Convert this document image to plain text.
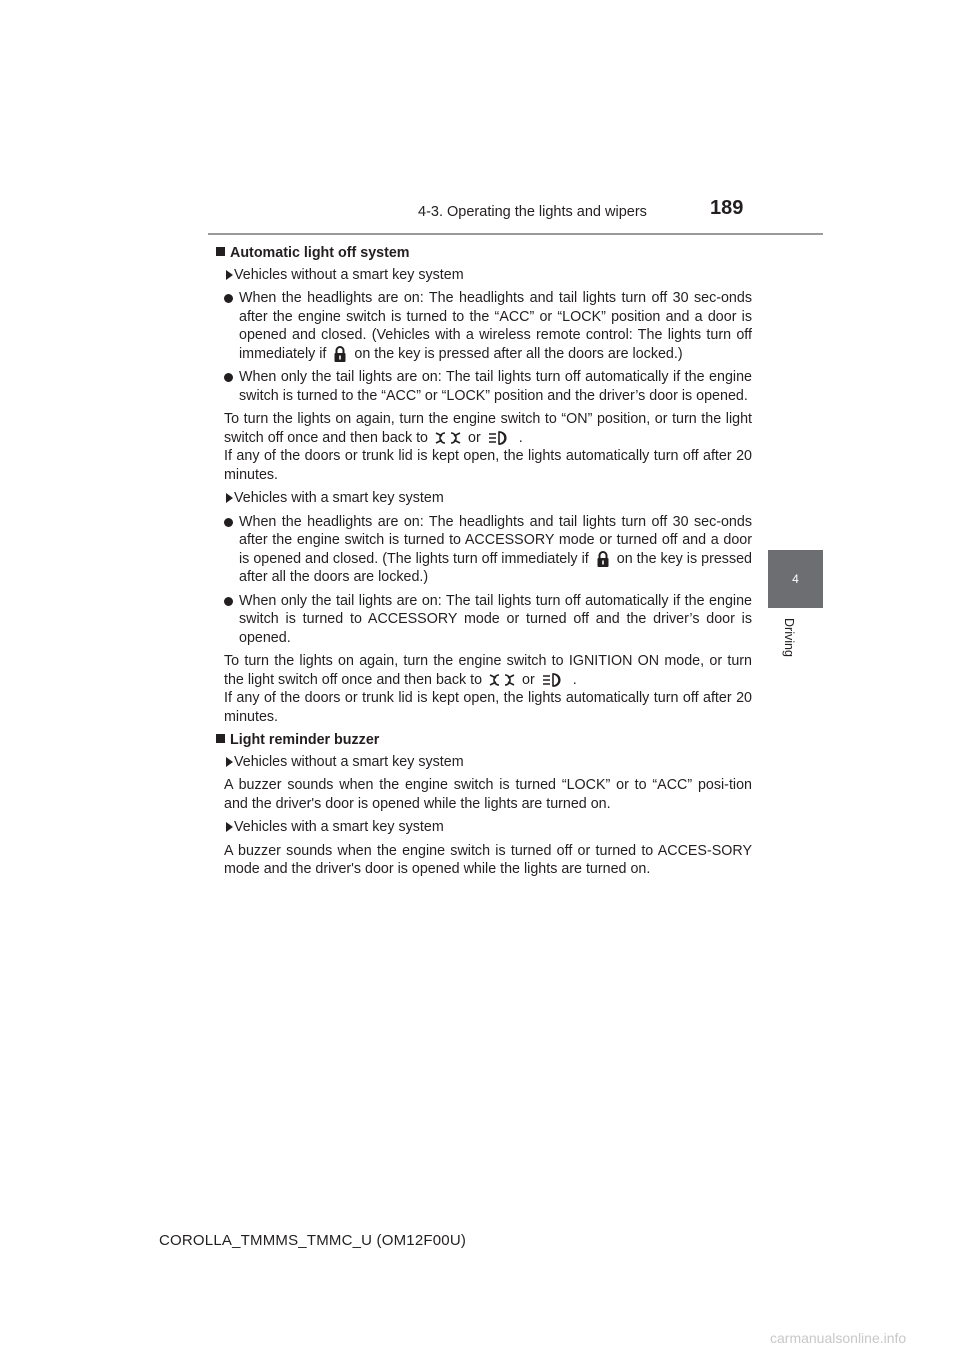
4-3. Operating the lights and wipers	189
4
Driving

Automatic light off system

Vehicles without a smart key system

When the headlights are on: The headlights and tail lights turn off 30 sec-onds after the engine switch is turned to the “ACC” or “LOCK” position and a door is opened and closed. (Vehicles with a wireless remote control: The lights turn off immediately if on the key is pressed after all the doors are locked.)

When only the tail lights are on: The tail lights turn off automatically if the engine switch is turned to the “ACC” or “LOCK” position and the driver’s door is opened.

To turn the lights on again, turn the engine switch to “ON” position, or turn the light switch off once and then back to	or	.

If any of the doors or trunk lid is kept open, the lights automatically turn off after 20 minutes.

Vehicles with a smart key system

When the headlights are on: The headlights and tail lights turn off 30 sec-onds after the engine switch is turned to ACCESSORY mode or turned off and a door is opened and closed. (The lights turn off immediately if on the key is pressed after all the doors are locked.)

When only the tail lights are on: The tail lights turn off automatically if the engine switch is turned to ACCESSORY mode or turned off and the driver’s door is opened.

To turn the lights on again, turn the engine switch to IGNITION ON mode, or turn the light switch off once and then back to	or	.

If any of the doors or trunk lid is kept open, the lights automatically turn off after 20 minutes.

Light reminder buzzer

Vehicles without a smart key system

A buzzer sounds when the engine switch is turned “LOCK” or to “ACC” posi-tion and the driver's door is opened while the lights are turned on.

Vehicles with a smart key system

A buzzer sounds when the engine switch is turned off or turned to ACCES-SORY mode and the driver's door is opened while the lights are turned on.

COROLLA_TMMMS_TMMC_U (OM12F00U)
carmanualsonline.info
